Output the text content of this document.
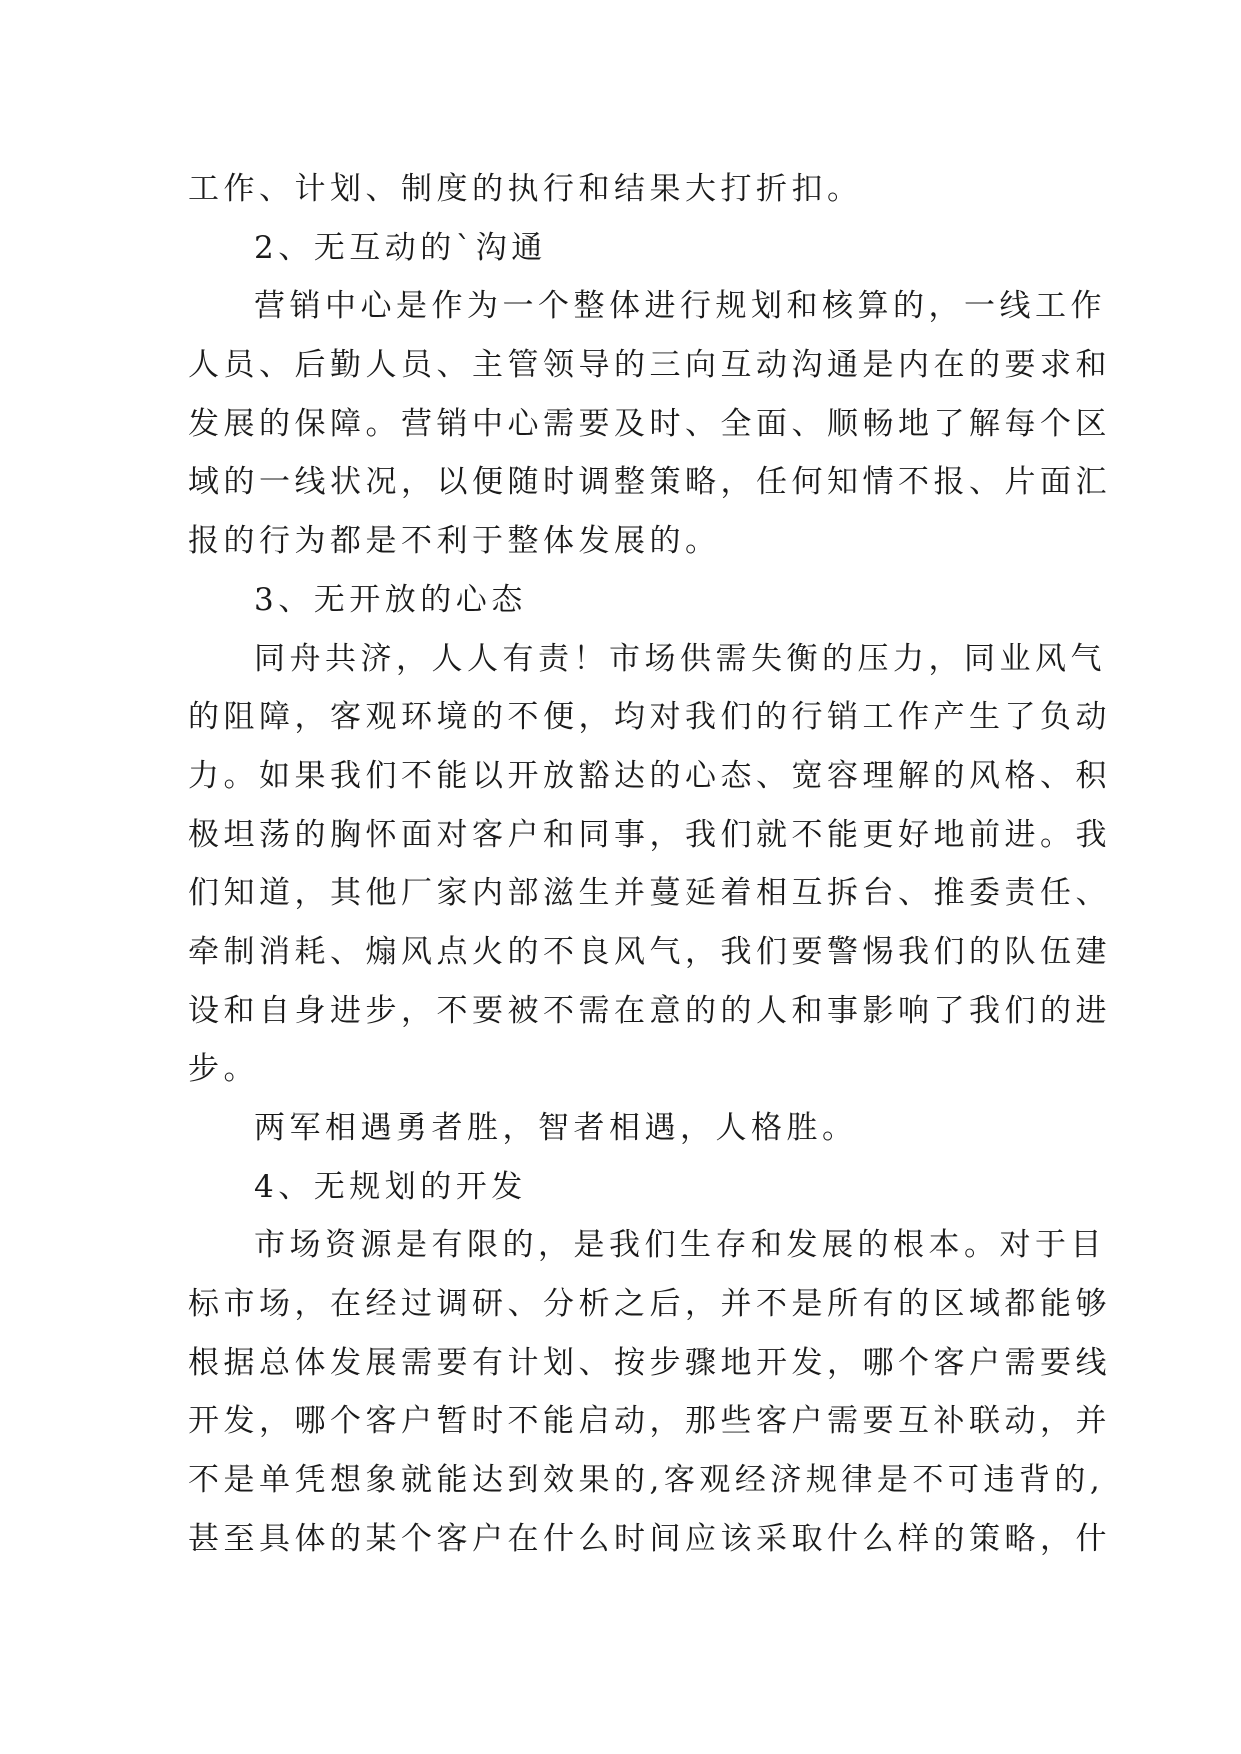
工作、计划、制度的执行和结果大打折扣。
2、无互动的`沟通
营销中心是作为一个整体进行规划和核算的，一线工作
人员、后勤人员、主管领导的三向互动沟通是内在的要求和
发展的保障。营销中心需要及时、全面、顺畅地了解每个区
域的一线状况，以便随时调整策略，任何知情不报、片面汇
报的行为都是不利于整体发展的。
3、无开放的心态
同舟共济，人人有责！市场供需失衡的压力，同业风气
的阻障，客观环境的不便，均对我们的行销工作产生了负动
力。如果我们不能以开放豁达的心态、宽容理解的风格、积
极坦荡的胸怀面对客户和同事，我们就不能更好地前进。我
们知道，其他厂家内部滋生并蔓延着相互拆台、推委责任、
牵制消耗、煽风点火的不良风气，我们要警惕我们的队伍建
设和自身进步，不要被不需在意的的人和事影响了我们的进
步。
两军相遇勇者胜，智者相遇，人格胜。
4、无规划的开发
市场资源是有限的，是我们生存和发展的根本。对于目
标市场，在经过调研、分析之后，并不是所有的区域都能够
根据总体发展需要有计划、按步骤地开发，哪个客户需要线
开发，哪个客户暂时不能启动，那些客户需要互补联动，并
不是单凭想象就能达到效果的,客观经济规律是不可违背的,
甚至具体的某个客户在什么时间应该采取什么样的策略，什
